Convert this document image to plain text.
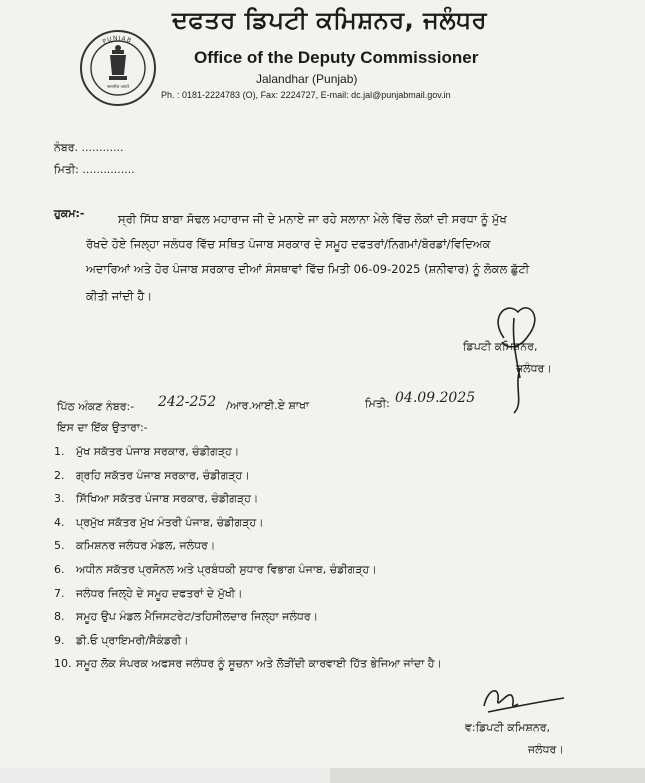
सत्यमेव जयते
PUNJAB
ਦਫਤਰ ਡਿਪਟੀ ਕਮਿਸ਼ਨਰ, ਜਲੰਧਰ
Office of the Deputy Commissioner
Jalandhar (Punjab)
Ph. : 0181-2224783 (O), Fax: 2224727, E-mail: dc.jal@punjabmail.gov.in
ਨੰਬਰ. ............
ਮਿਤੀ: ...............
ਹੁਕਮ:-	ਸ੍ਰੀ ਸਿੱਧ ਬਾਬਾ ਸੋਢਲ ਮਹਾਰਾਜ ਜੀ ਦੇ ਮਨਾਏ ਜਾ ਰਹੇ ਸਲਾਨਾ ਮੇਲੇ ਵਿੱਚ ਲੋਕਾਂ ਦੀ ਸਰਧਾ ਨੂੰ ਮੁੱਖ
ਰੱਖਦੇ ਹੋਏ ਜਿਲ੍ਹਾ ਜਲੰਧਰ ਵਿੱਚ ਸਥਿਤ ਪੰਜਾਬ ਸਰਕਾਰ ਦੇ ਸਮੂਹ ਦਫਤਰਾਂ/ਨਿਗਮਾਂ/ਬੋਰਡਾਂ/ਵਿਦਿਅਕ
ਅਦਾਰਿਆਂ ਅਤੇ ਹੋਰ ਪੰਜਾਬ ਸਰਕਾਰ ਦੀਆਂ ਸੰਸਥਾਵਾਂ ਵਿੱਚ ਮਿਤੀ 06-09-2025 (ਸ਼ਨੀਵਾਰ) ਨੂੰ ਲੋਕਲ ਛੁੱਟੀ
ਕੀਤੀ ਜਾਂਦੀ ਹੈ।
ਡਿਪਟੀ ਕਮਿਸ਼ਨਰ,
ਜਲੰਧਰ।
ਪਿੱਠ ਅੰਕਣ ਨੰਬਰ:- 242-252 /ਆਰ.ਆਈ.ਏ ਸ਼ਾਖਾ	ਮਿਤੀ: 04.09.2025
ਇਸ ਦਾ ਇੱਕ ਉਤਾਰਾ:-
1. ਮੁੱਖ ਸਕੱਤਰ ਪੰਜਾਬ ਸਰਕਾਰ, ਚੰਡੀਗੜ੍ਹ।
2. ਗ੍ਰਹਿ ਸਕੱਤਰ ਪੰਜਾਬ ਸਰਕਾਰ, ਚੰਡੀਗੜ੍ਹ।
3. ਸਿੱਖਿਆ ਸਕੱਤਰ ਪੰਜਾਬ ਸਰਕਾਰ, ਚੰਡੀਗੜ੍ਹ।
4. ਪ੍ਰਮੁੱਖ ਸਕੱਤਰ ਮੁੱਖ ਮੰਤਰੀ ਪੰਜਾਬ, ਚੰਡੀਗੜ੍ਹ।
5. ਕਮਿਸ਼ਨਰ ਜਲੰਧਰ ਮੰਡਲ, ਜਲੰਧਰ।
6. ਅਧੀਨ ਸਕੱਤਰ ਪ੍ਰਸੋਨਲ ਅਤੇ ਪ੍ਰਬੰਧਕੀ ਸੁਧਾਰ ਵਿਭਾਗ ਪੰਜਾਬ, ਚੰਡੀਗੜ੍ਹ।
7. ਜਲੰਧਰ ਜਿਲ੍ਹੇ ਦੇ ਸਮੂਹ ਦਫਤਰਾਂ ਦੇ ਮੁੱਖੀ।
8. ਸਮੂਹ ਉਪ ਮੰਡਲ ਮੈਜਿਸਟਰੇਟ/ਤਹਿਸੀਲਦਾਰ ਜਿਲ੍ਹਾ ਜਲੰਧਰ।
9. ਡੀ.ਓ ਪ੍ਰਾਇਮਰੀ/ਸੈਕੰਡਰੀ।
10. ਸਮੂਹ ਲੋਕ ਸੰਪਰਕ ਅਫਸਰ ਜਲੰਧਰ ਨੂੰ ਸੂਚਨਾ ਅਤੇ ਲੋੜੀਂਦੀ ਕਾਰਵਾਈ ਹਿੱਤ ਭੇਜਿਆ ਜਾਂਦਾ ਹੈ।
ਵ:ਡਿਪਟੀ ਕਮਿਸ਼ਨਰ,
ਜਲੰਧਰ।
